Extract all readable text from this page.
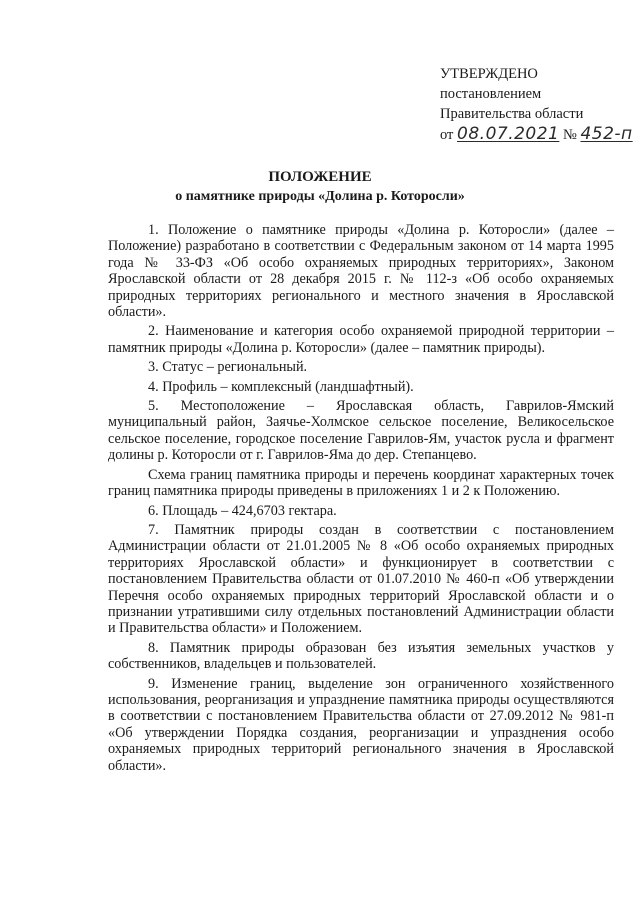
УТВЕРЖДЕНО
постановлением
Правительства области
от 08.07.2021 № 452-п
ПОЛОЖЕНИЕ
о памятнике природы «Долина р. Которосли»

1. Положение о памятнике природы «Долина р. Которосли» (далее – Положение) разработано в соответствии с Федеральным законом от 14 марта 1995 года № 33-ФЗ «Об особо охраняемых природных территориях», Законом Ярославской области от 28 декабря 2015 г. № 112-з «Об особо охраняемых природных территориях регионального и местного значения в Ярославской области».

2. Наименование и категория особо охраняемой природной территории – памятник природы «Долина р. Которосли» (далее – памятник природы).

3. Статус – региональный.

4. Профиль – комплексный (ландшафтный).

5. Местоположение – Ярославская область, Гаврилов-Ямский муниципальный район, Заячье-Холмское сельское поселение, Великосельское сельское поселение, городское поселение Гаврилов-Ям, участок русла и фрагмент долины р. Которосли от г. Гаврилов-Яма до дер. Степанцево.

Схема границ памятника природы и перечень координат характерных точек границ памятника природы приведены в приложениях 1 и 2 к Положению.

6. Площадь – 424,6703 гектара.

7. Памятник природы создан в соответствии с постановлением Администрации области от 21.01.2005 № 8 «Об особо охраняемых природных территориях Ярославской области» и функционирует в соответствии с постановлением Правительства области от 01.07.2010 № 460-п «Об утверждении Перечня особо охраняемых природных территорий Ярославской области и о признании утратившими силу отдельных постановлений Администрации области и Правительства области» и Положением.

8. Памятник природы образован без изъятия земельных участков у собственников, владельцев и пользователей.

9. Изменение границ, выделение зон ограниченного хозяйственного использования, реорганизация и упразднение памятника природы осуществляются в соответствии с постановлением Правительства области от 27.09.2012 № 981-п «Об утверждении Порядка создания, реорганизации и упразднения особо охраняемых природных территорий регионального значения в Ярославской области».
